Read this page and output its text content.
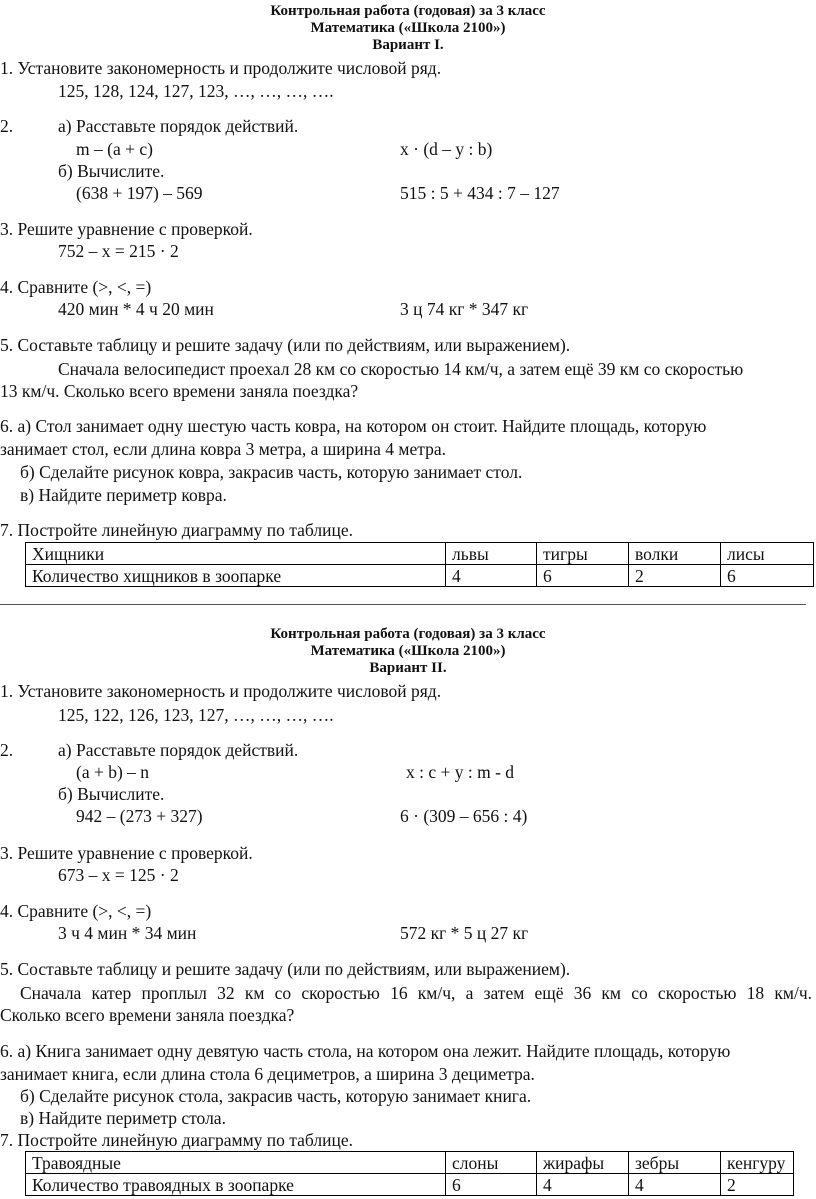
Контрольная работа (годовая) за 3 класс
Математика («Школа 2100»)
Вариант I.
1. Установите закономерность и продолжите числовой ряд.
125, 128, 124, 127, 123, …, …, …, ….
2.	а) Расставьте порядок действий.
m – (a + c)	x · (d – y : b)
б) Вычислите.
(638 + 197) – 569	515 : 5 + 434 : 7 – 127
3. Решите уравнение с проверкой.
752 – х = 215 · 2
4. Сравните (>, <, =)
420 мин * 4 ч 20 мин	3 ц 74 кг * 347 кг
5. Составьте таблицу и решите задачу (или по действиям, или выражением).
Сначала велосипедист проехал 28 км со скоростью 14 км/ч, а затем ещё 39 км со скоростью
13 км/ч. Сколько всего времени заняла поездка?
6. а) Стол занимает одну шестую часть ковра, на котором он стоит. Найдите площадь, которую
занимает стол, если длина ковра 3 метра, а ширина 4 метра.
б) Сделайте рисунок ковра, закрасив часть, которую занимает стол.
в) Найдите периметр ковра.
7. Постройте линейную диаграмму по таблице.
Хищники	львы	тигры	волки	лисы
Количество хищников в зоопарке	4	6	2	6
Контрольная работа (годовая) за 3 класс
Математика («Школа 2100»)
Вариант II.
1. Установите закономерность и продолжите числовой ряд.
125, 122, 126, 123, 127, …, …, …, ….
2.	а) Расставьте порядок действий.
(a + b) – n	x : c + y : m - d
б) Вычислите.
942 – (273 + 327)	6 · (309 – 656 : 4)
3. Решите уравнение с проверкой.
673 – х = 125 · 2
4. Сравните (>, <, =)
3 ч 4 мин * 34 мин	572 кг * 5 ц 27 кг
5. Составьте таблицу и решите задачу (или по действиям, или выражением).
Сначала катер проплыл 32 км со скоростью 16 км/ч, а затем ещё 36 км со скоростью 18 км/ч.
Сколько всего времени заняла поездка?
6. а) Книга занимает одну девятую часть стола, на котором она лежит. Найдите площадь, которую
занимает книга, если длина стола 6 дециметров, а ширина 3 дециметра.
б) Сделайте рисунок стола, закрасив часть, которую занимает книга.
в) Найдите периметр стола.
7. Постройте линейную диаграмму по таблице.
Травоядные	слоны	жирафы	зебры	кенгуру
Количество травоядных в зоопарке	6	4	4	2
